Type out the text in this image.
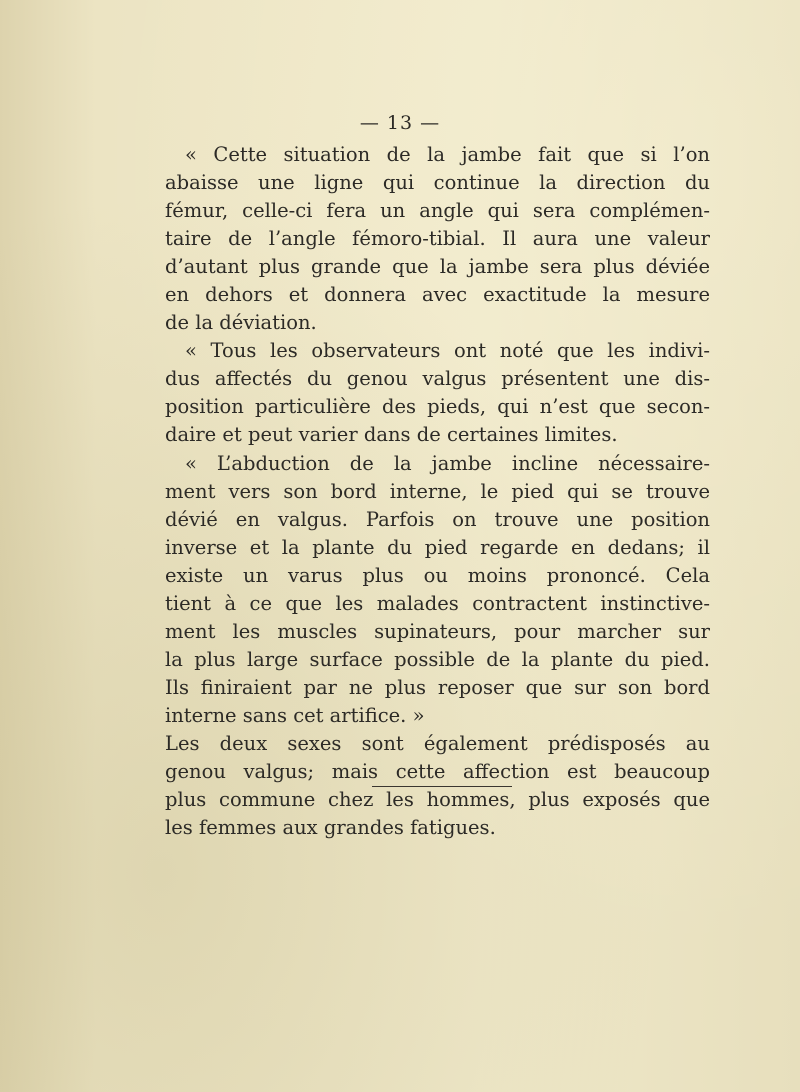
— 13 —
« Cette situation de la jambe fait que si l’on
abaisse une ligne qui continue la direction du
fémur, celle-ci fera un angle qui sera complémen-
taire de l’angle fémoro-tibial. Il aura une valeur
d’autant plus grande que la jambe sera plus déviée
en dehors et donnera avec exactitude la mesure
de la déviation.
« Tous les observateurs ont noté que les indivi-
dus affectés du genou valgus présentent une dis-
position particulière des pieds, qui n’est que secon-
daire et peut varier dans de certaines limites.
« L’abduction de la jambe incline nécessaire-
ment vers son bord interne, le pied qui se trouve
dévié en valgus. Parfois on trouve une position
inverse et la plante du pied regarde en dedans; il
existe un varus plus ou moins prononcé. Cela
tient à ce que les malades contractent instinctive-
ment les muscles supinateurs, pour marcher sur
la plus large surface possible de la plante du pied.
Ils finiraient par ne plus reposer que sur son bord
interne sans cet artifice. »
Les deux sexes sont également prédisposés au
genou valgus; mais cette affection est beaucoup
plus commune chez les hommes, plus exposés que
les femmes aux grandes fatigues.
